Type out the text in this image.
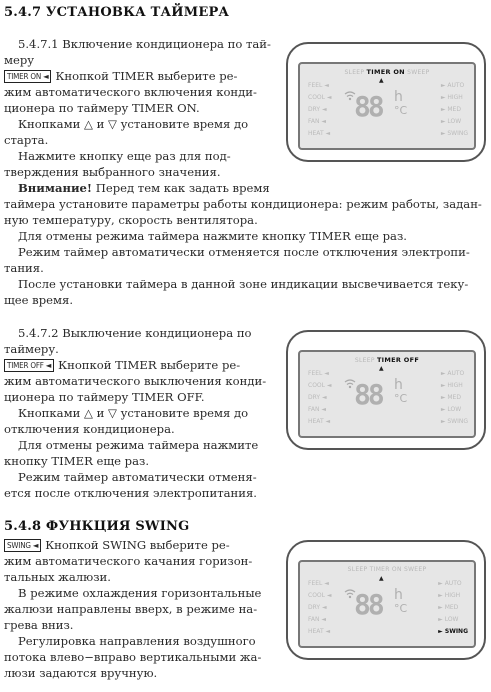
5.4.7 УСТАНОВКА ТАЙМЕРА
5.4.7.1 Включение кондиционера по тай-
меру
TIMER ON ◄ Кнопкой TIMER выберите ре-
жим автоматического включения конди-
ционера по таймеру TIMER ON.
Кнопками △ и ▽ установите время до
старта.
Нажмите кнопку еще раз для под-
тверждения выбранного значения.
Внимание! Перед тем как задать время
таймера установите параметры работы кондиционера: режим работы, задан-
ную температуру, скорость вентилятора.
Для отмены режима таймера нажмите кнопку TIMER еще раз.
Режим таймер автоматически отменяется после отключения электропи-
тания.
После установки таймера в данной зоне индикации высвечивается теку-
щее время.
5.4.7.2 Выключение кондиционера по
таймеру.
TIMER OFF ◄ Кнопкой TIMER выберите ре-
жим автоматического выключения конди-
ционера по таймеру TIMER OFF.
Кнопками △ и ▽ установите время до
отключения кондиционера.
Для отмены режима таймера нажмите
кнопку TIMER еще раз.
Режим таймер автоматически отменя-
ется после отключения электропитания.
5.4.8 ФУНКЦИЯ SWING
SWING ◄ Кнопкой SWING выберите ре-
жим автоматического качания горизон-
тальных жалюзи.
В режиме охлаждения горизонтальные
жалюзи направлены вверх, в режиме на-
грева вниз.
Регулировка направления воздушного
потока влево−вправо вертикальными жа-
люзи задаются вручную.
SLEEP TIMER ON SWEEP
▲
FEEL ◄
COOL ◄
DRY ◄
FAN ◄
HEAT ◄
► AUTO
► HIGH
► MED
► LOW
► SWING
88 h
°C
SLEEP TIMER OFF
▲
FEEL ◄
COOL ◄
DRY ◄
FAN ◄
HEAT ◄
► AUTO
► HIGH
► MED
► LOW
► SWING
88 h
°C
SLEEP TIMER ON SWEEP
▲
FEEL ◄
COOL ◄
DRY ◄
FAN ◄
HEAT ◄
► AUTO
► HIGH
► MED
► LOW
► SWING
88 h
°C
